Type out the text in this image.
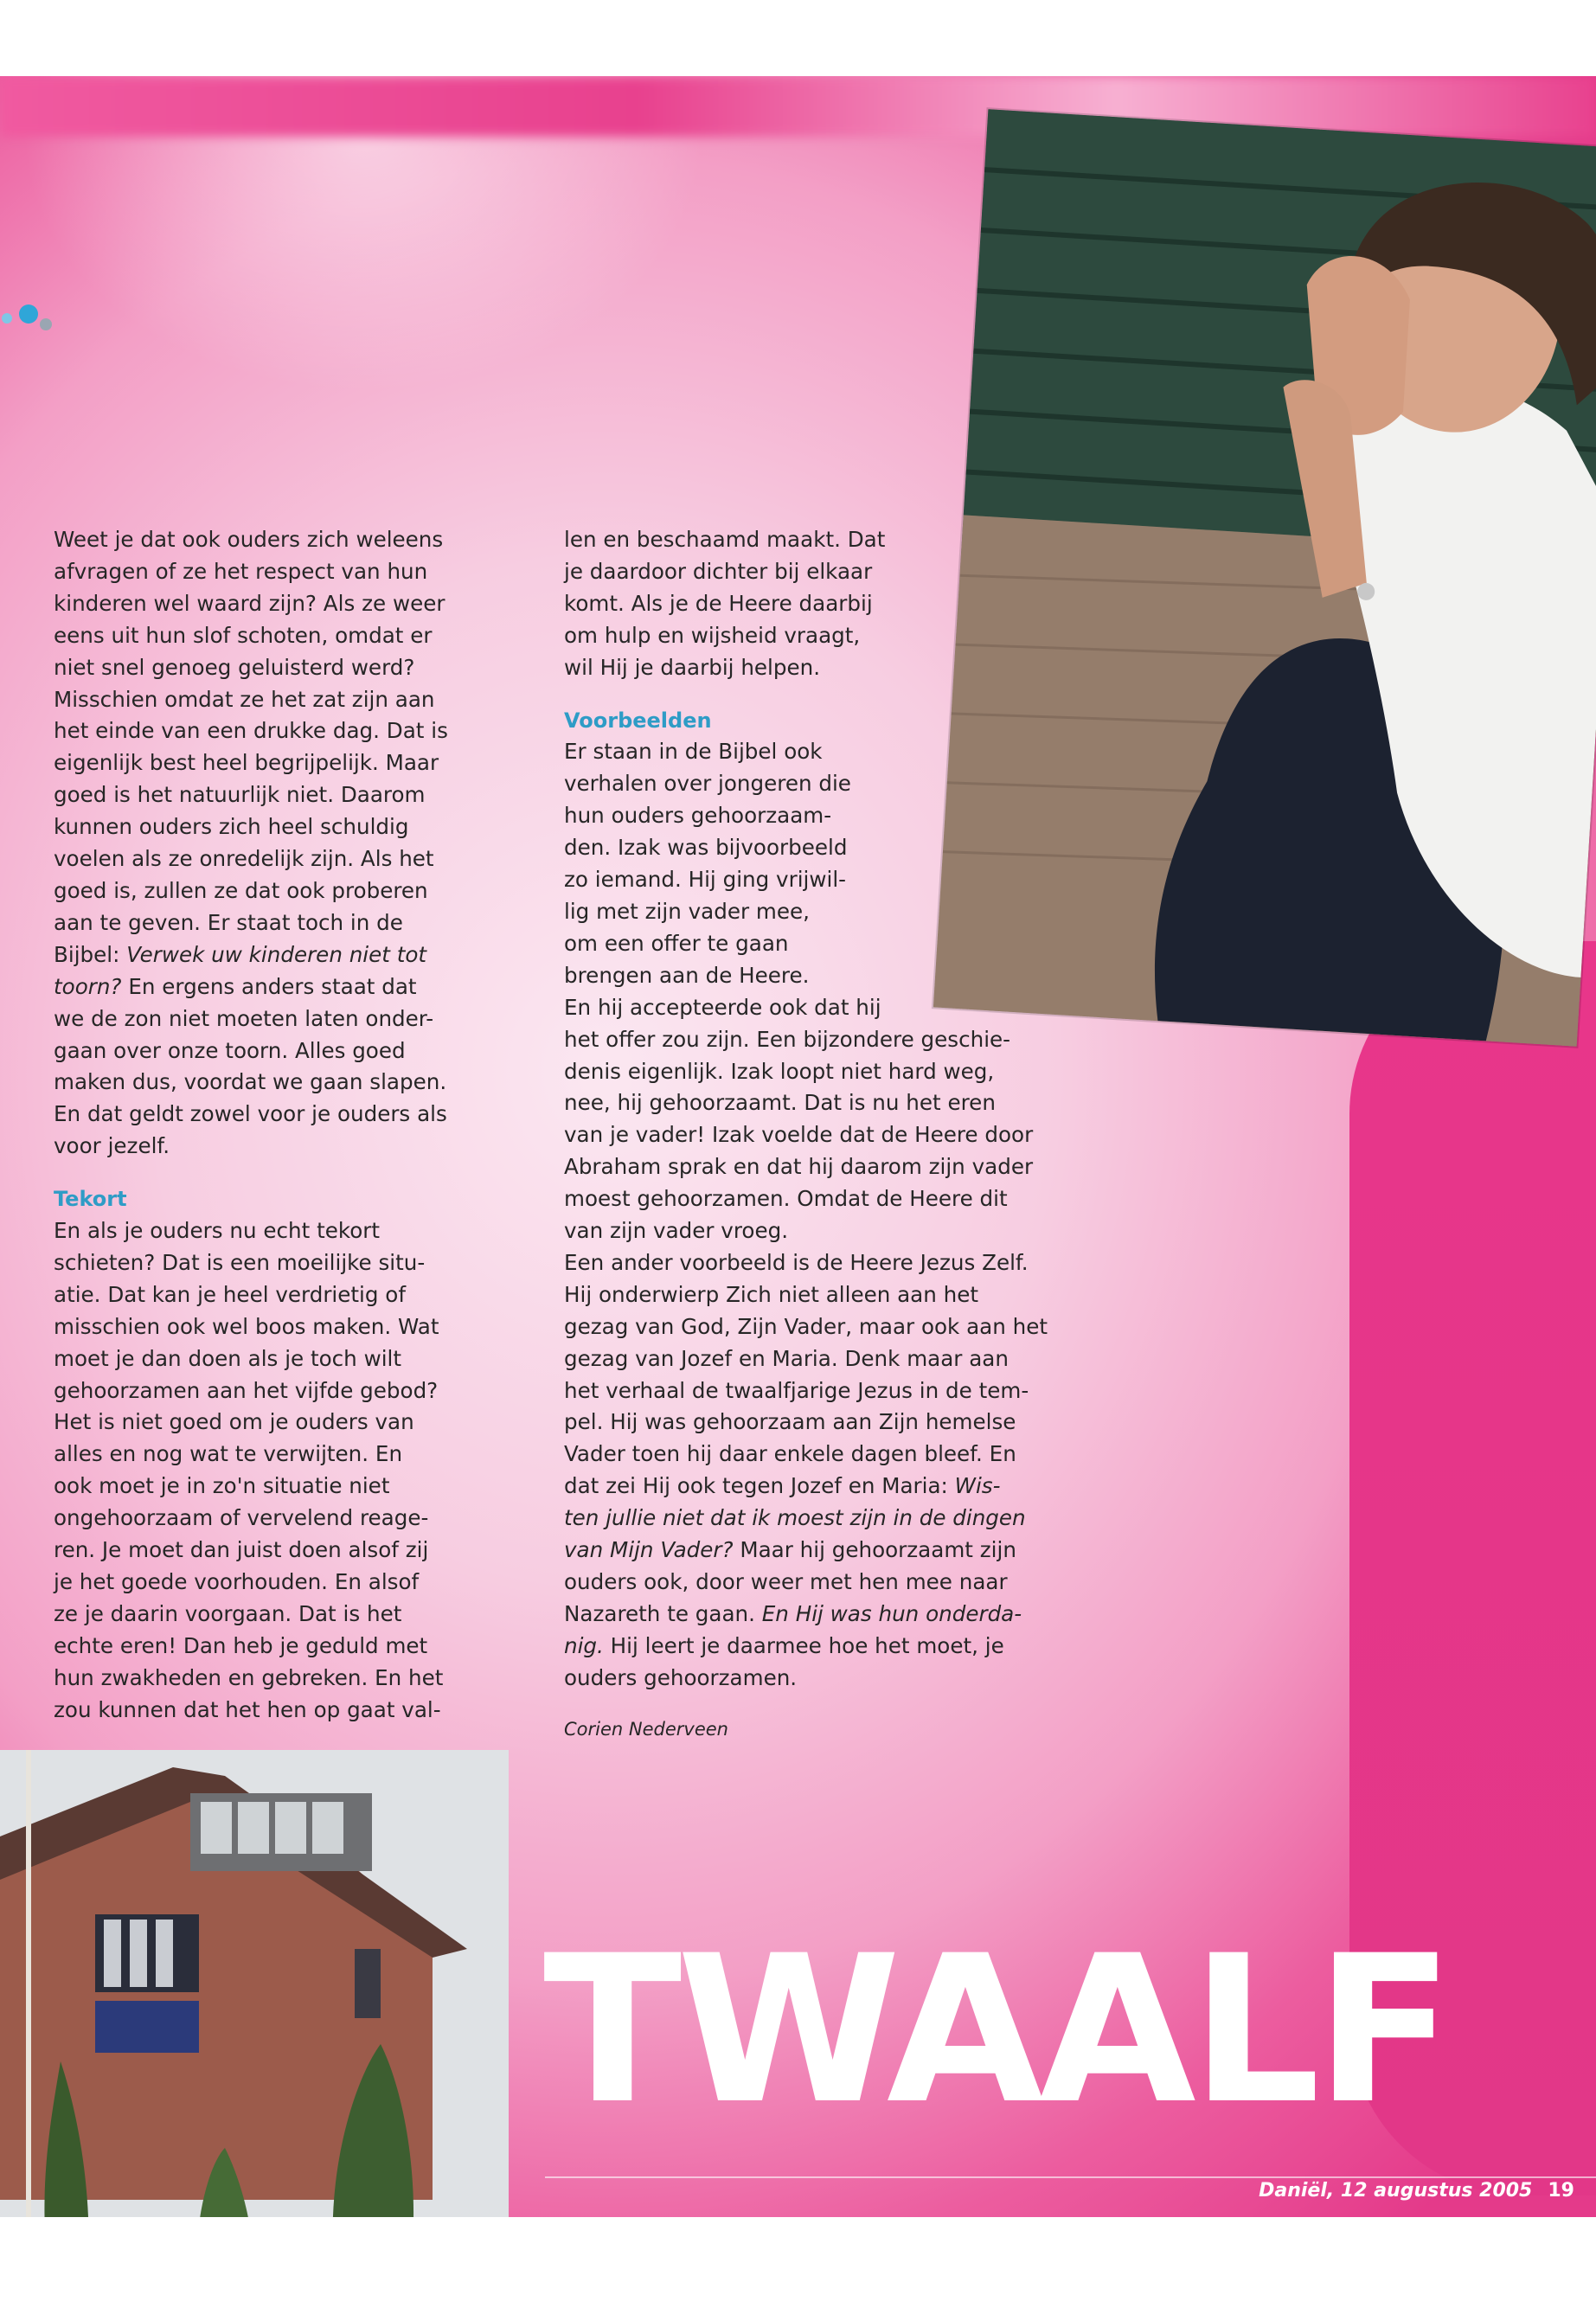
Weet je dat ook ouders zich weleens
afvragen of ze het respect van hun
kinderen wel waard zijn? Als ze weer
eens uit hun slof schoten, omdat er
niet snel genoeg geluisterd werd?
Misschien omdat ze het zat zijn aan
het einde van een drukke dag. Dat is
eigenlijk best heel begrijpelijk. Maar
goed is het natuurlijk niet. Daarom
kunnen ouders zich heel schuldig
voelen als ze onredelijk zijn. Als het
goed is, zullen ze dat ook proberen
aan te geven. Er staat toch in de
Bijbel: Verwek uw kinderen niet tot
toorn? En ergens anders staat dat
we de zon niet moeten laten onder-
gaan over onze toorn. Alles goed
maken dus, voordat we gaan slapen.
En dat geldt zowel voor je ouders als
voor jezelf.

Tekort

En als je ouders nu echt tekort
schieten? Dat is een moeilijke situ-
atie. Dat kan je heel verdrietig of
misschien ook wel boos maken. Wat
moet je dan doen als je toch wilt
gehoorzamen aan het vijfde gebod?
Het is niet goed om je ouders van
alles en nog wat te verwijten. En
ook moet je in zo'n situatie niet
ongehoorzaam of vervelend reage-
ren. Je moet dan juist doen alsof zij
je het goede voorhouden. En alsof
ze je daarin voorgaan. Dat is het
echte eren! Dan heb je geduld met
hun zwakheden en gebreken. En het
zou kunnen dat het hen op gaat val-

len en beschaamd maakt. Dat
je daardoor dichter bij elkaar
komt. Als je de Heere daarbij
om hulp en wijsheid vraagt,
wil Hij je daarbij helpen.

Voorbeelden

Er staan in de Bijbel ook
verhalen over jongeren die
hun ouders gehoorzaam-
den. Izak was bijvoorbeeld
zo iemand. Hij ging vrijwil-
lig met zijn vader mee,
om een offer te gaan
brengen aan de Heere.
En hij accepteerde ook dat hij
het offer zou zijn. Een bijzondere geschie-
denis eigenlijk. Izak loopt niet hard weg,
nee, hij gehoorzaamt. Dat is nu het eren
van je vader! Izak voelde dat de Heere door
Abraham sprak en dat hij daarom zijn vader
moest gehoorzamen. Omdat de Heere dit
van zijn vader vroeg.
Een ander voorbeeld is de Heere Jezus Zelf.
Hij onderwierp Zich niet alleen aan het
gezag van God, Zijn Vader, maar ook aan het
gezag van Jozef en Maria. Denk maar aan
het verhaal de twaalfjarige Jezus in de tem-
pel. Hij was gehoorzaam aan Zijn hemelse
Vader toen hij daar enkele dagen bleef. En
dat zei Hij ook tegen Jozef en Maria: Wis-
ten jullie niet dat ik moest zijn in de dingen
van Mijn Vader? Maar hij gehoorzaamt zijn
ouders ook, door weer met hen mee naar
Nazareth te gaan. En Hij was hun onderda-
nig. Hij leert je daarmee hoe het moet, je
ouders gehoorzamen.

Corien Nederveen

TWAALF
Daniël, 12 augustus 2005 19
